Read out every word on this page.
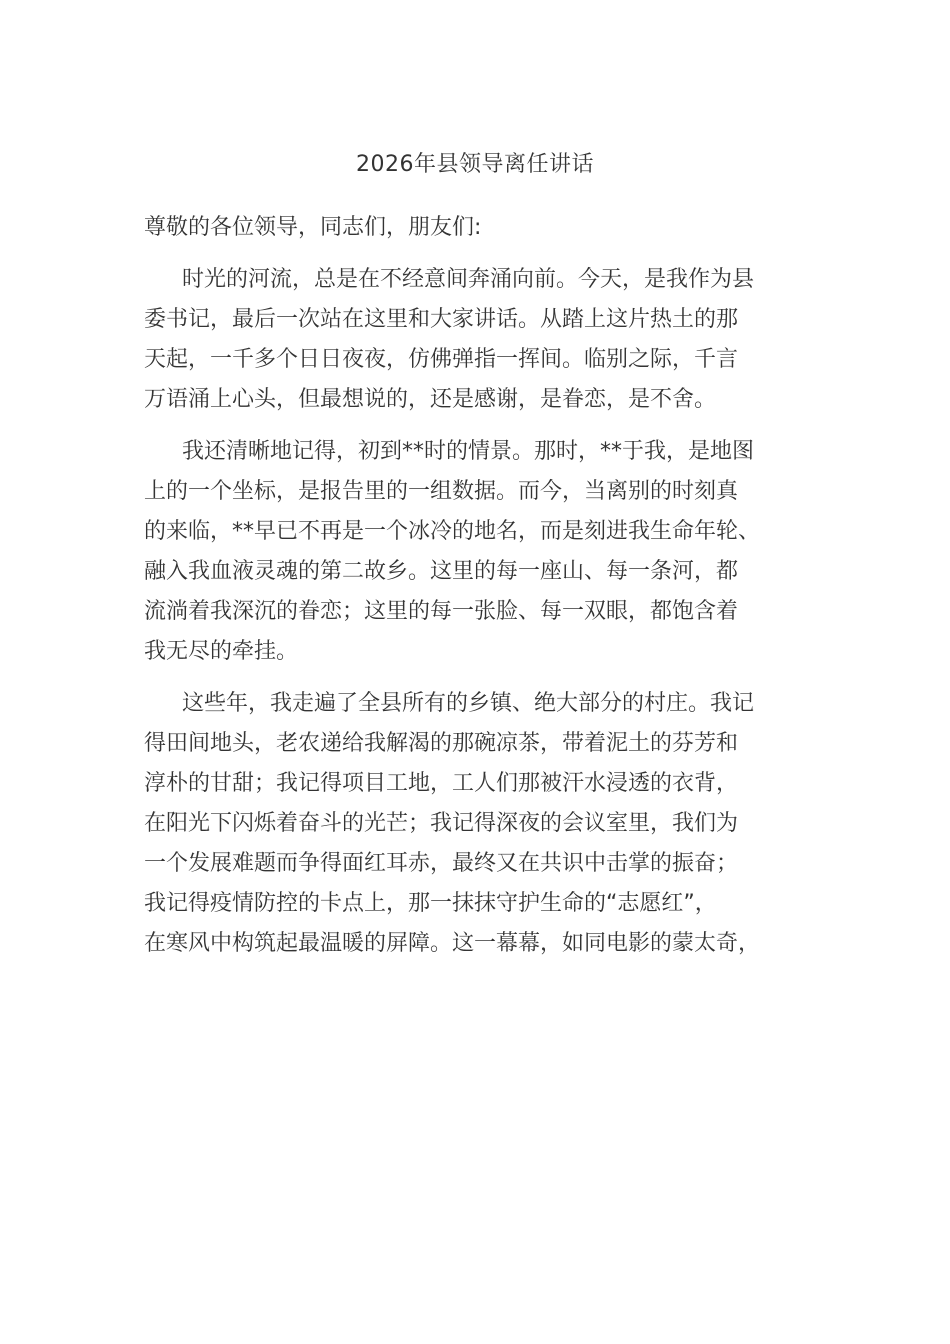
2026年县领导离任讲话
尊敬的各位领导，同志们，朋友们:
时光的河流，总是在不经意间奔涌向前。今天，是我作为县
委书记，最后一次站在这里和大家讲话。从踏上这片热土的那
天起，一千多个日日夜夜，仿佛弹指一挥间。临别之际，千言
万语涌上心头，但最想说的，还是感谢，是眷恋，是不舍。
我还清晰地记得，初到**时的情景。那时，**于我，是地图
上的一个坐标，是报告里的一组数据。而今，当离别的时刻真
的来临，**早已不再是一个冰冷的地名，而是刻进我生命年轮、
融入我血液灵魂的第二故乡。这里的每一座山、每一条河，都
流淌着我深沉的眷恋；这里的每一张脸、每一双眼，都饱含着
我无尽的牵挂。
这些年，我走遍了全县所有的乡镇、绝大部分的村庄。我记
得田间地头，老农递给我解渴的那碗凉茶，带着泥土的芬芳和
淳朴的甘甜；我记得项目工地，工人们那被汗水浸透的衣背，
在阳光下闪烁着奋斗的光芒；我记得深夜的会议室里，我们为
一个发展难题而争得面红耳赤，最终又在共识中击掌的振奋；
我记得疫情防控的卡点上，那一抹抹守护生命的“志愿红”，
在寒风中构筑起最温暖的屏障。这一幕幕，如同电影的蒙太奇，
